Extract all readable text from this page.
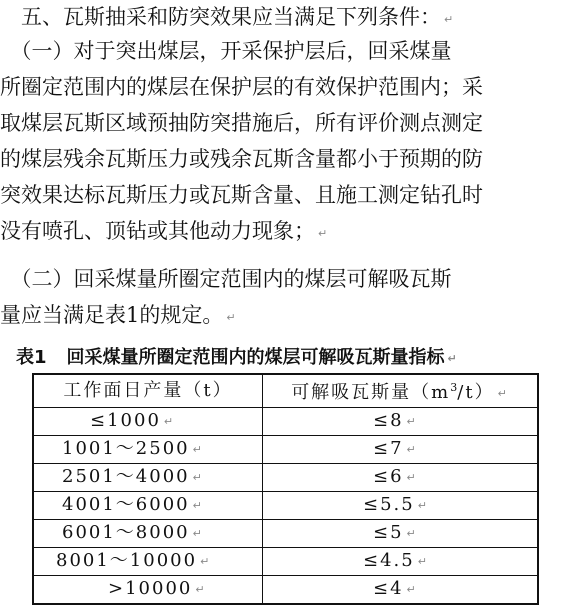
　五、瓦斯抽采和防突效果应当满足下列条件： ↵
　（一）对于突出煤层，开采保护层后，回采煤量
所圈定范围内的煤层在保护层的有效保护范围内；采
取煤层瓦斯区域预抽防突措施后，所有评价测点测定
的煤层残余瓦斯压力或残余瓦斯含量都小于预期的防
突效果达标瓦斯压力或瓦斯含量、且施工测定钻孔时
没有喷孔、顶钻或其他动力现象； ↵
　（二）回采煤量所圈定范围内的煤层可解吸瓦斯
量应当满足表1的规定。 ↵
表1 回采煤量所圈定范围内的煤层可解吸瓦斯量指标 ↵
工作面日产量（t）	可解吸瓦斯量$(m^3/t)$ ↵
≤1000 ↵	≤8 ↵
1001～2500 ↵	≤7 ↵
2501～4000 ↵	≤6 ↵
4001～6000 ↵	≤5.5 ↵
6001～8000 ↵	≤5 ↵
8001～10000 ↵	≤4.5 ↵
>10000 ↵	≤4 ↵
